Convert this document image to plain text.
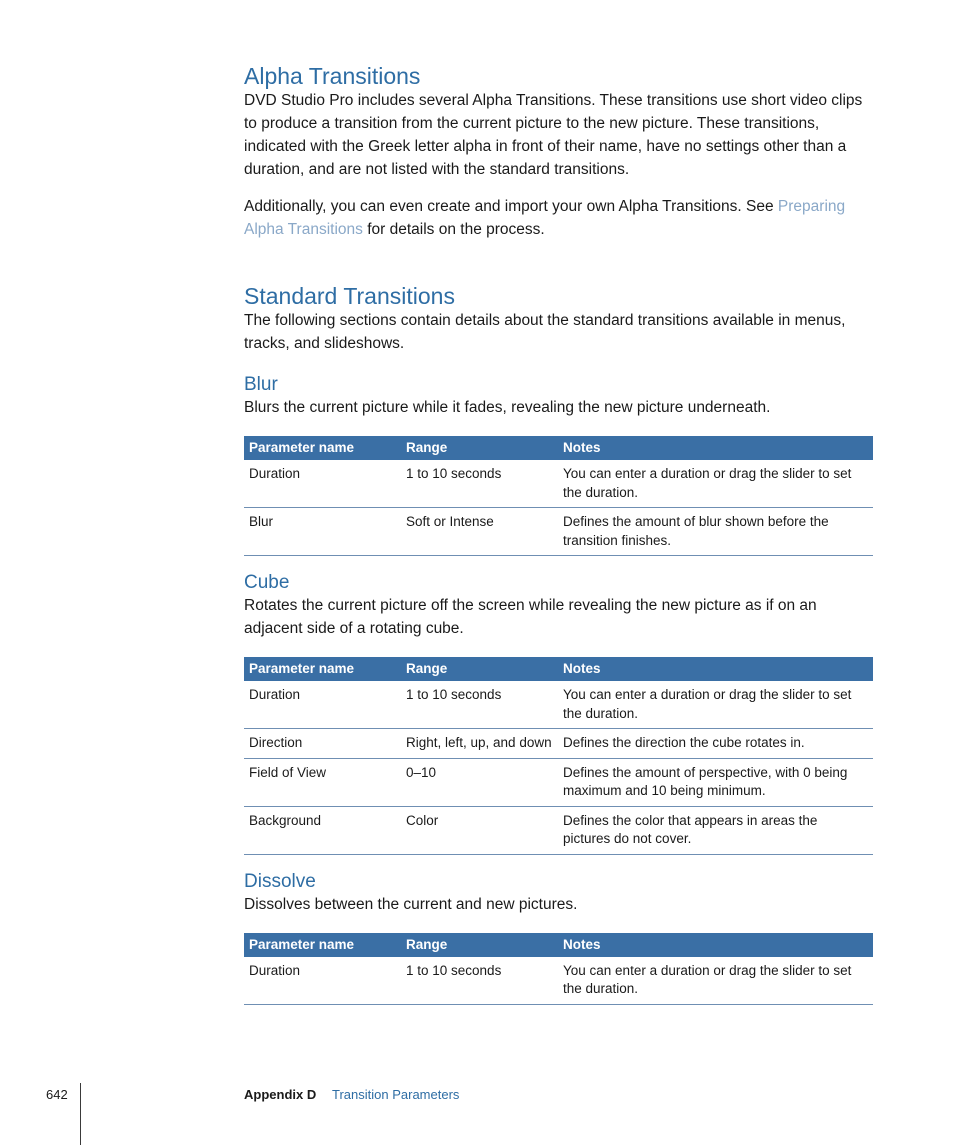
Alpha Transitions

DVD Studio Pro includes several Alpha Transitions. These transitions use short video clips to produce a transition from the current picture to the new picture. These transitions, indicated with the Greek letter alpha in front of their name, have no settings other than a duration, and are not listed with the standard transitions.

Additionally, you can even create and import your own Alpha Transitions. See Preparing Alpha Transitions for details on the process.

Standard Transitions

The following sections contain details about the standard transitions available in menus, tracks, and slideshows.

Blur

Blurs the current picture while it fades, revealing the new picture underneath.

Parameter name	Range	Notes
Duration	1 to 10 seconds	You can enter a duration or drag the slider to set the duration.
Blur	Soft or Intense	Defines the amount of blur shown before the transition finishes.
Cube

Rotates the current picture off the screen while revealing the new picture as if on an adjacent side of a rotating cube.

Parameter name	Range	Notes
Duration	1 to 10 seconds	You can enter a duration or drag the slider to set the duration.
Direction	Right, left, up, and down	Defines the direction the cube rotates in.
Field of View	0–10	Defines the amount of perspective, with 0 being maximum and 10 being minimum.
Background	Color	Defines the color that appears in areas the pictures do not cover.
Dissolve

Dissolves between the current and new pictures.

Parameter name	Range	Notes
Duration	1 to 10 seconds	You can enter a duration or drag the slider to set the duration.
642	Appendix D Transition Parameters
